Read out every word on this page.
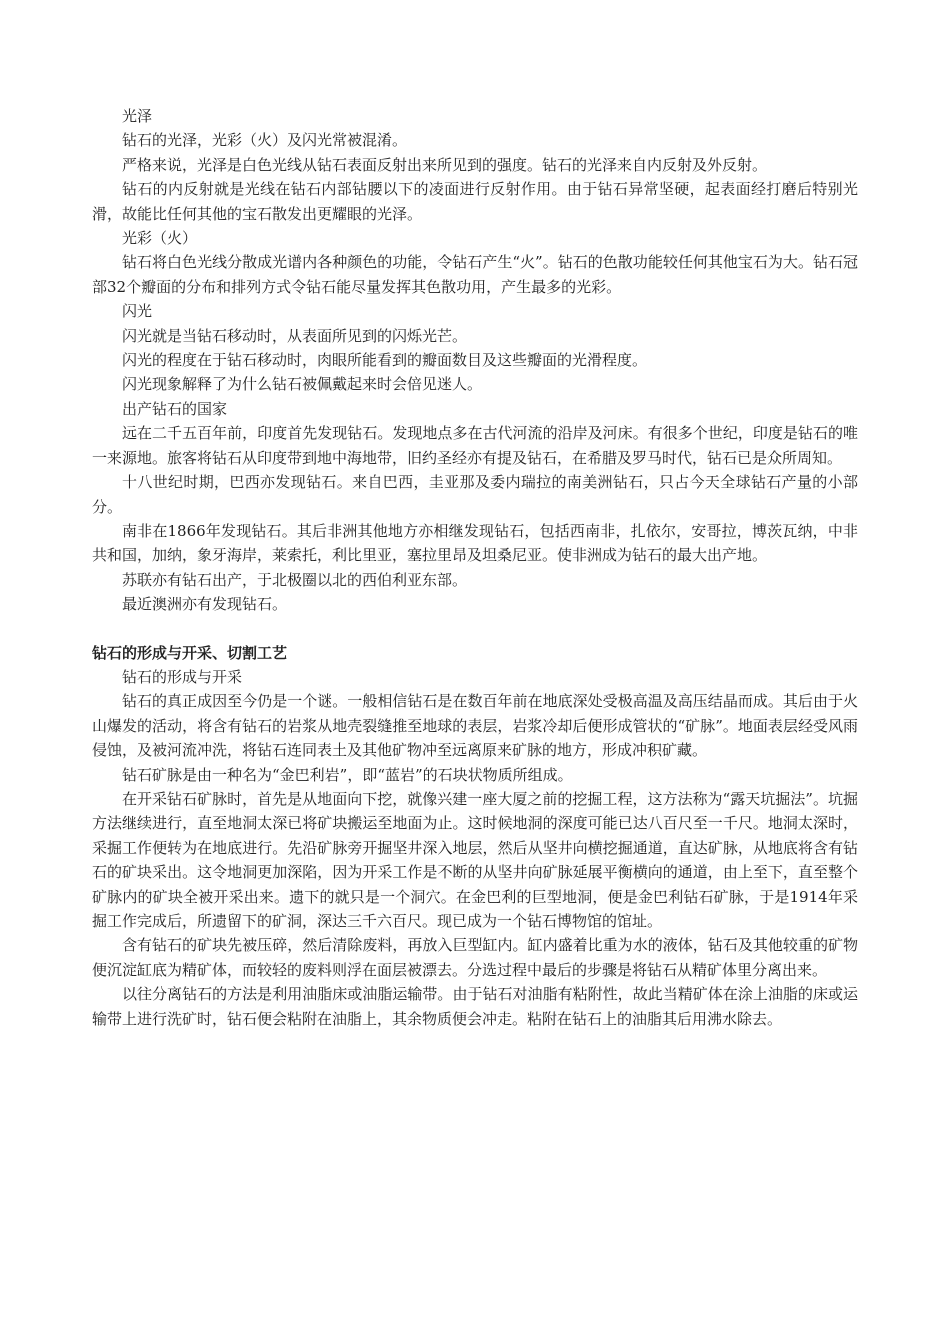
光泽

钻石的光泽，光彩（火）及闪光常被混淆。

严格来说，光泽是白色光线从钻石表面反射出来所见到的强度。钻石的光泽来自内反射及外反射。

钻石的内反射就是光线在钻石内部钻腰以下的凌面进行反射作用。由于钻石异常坚硬，起表面经打磨后特别光滑，故能比任何其他的宝石散发出更耀眼的光泽。

光彩（火）

钻石将白色光线分散成光谱内各种颜色的功能，令钻石产生“火”。钻石的色散功能较任何其他宝石为大。钻石冠部32个瓣面的分布和排列方式令钻石能尽量发挥其色散功用，产生最多的光彩。

闪光

闪光就是当钻石移动时，从表面所见到的闪烁光芒。

闪光的程度在于钻石移动时，肉眼所能看到的瓣面数目及这些瓣面的光滑程度。

闪光现象解释了为什么钻石被佩戴起来时会倍见迷人。

出产钻石的国家

远在二千五百年前，印度首先发现钻石。发现地点多在古代河流的沿岸及河床。有很多个世纪，印度是钻石的唯一来源地。旅客将钻石从印度带到地中海地带，旧约圣经亦有提及钻石，在希腊及罗马时代，钻石已是众所周知。

十八世纪时期，巴西亦发现钻石。来自巴西，圭亚那及委内瑞拉的南美洲钻石，只占今天全球钻石产量的小部分。

南非在1866年发现钻石。其后非洲其他地方亦相继发现钻石，包括西南非，扎依尔，安哥拉，博茨瓦纳，中非共和国，加纳，象牙海岸，莱索托，利比里亚，塞拉里昂及坦桑尼亚。使非洲成为钻石的最大出产地。

苏联亦有钻石出产，于北极圈以北的西伯利亚东部。

最近澳洲亦有发现钻石。

钻石的形成与开采、切割工艺

钻石的形成与开采

钻石的真正成因至今仍是一个谜。一般相信钻石是在数百年前在地底深处受极高温及高压结晶而成。其后由于火山爆发的活动，将含有钻石的岩浆从地壳裂缝推至地球的表层，岩浆冷却后便形成管状的“矿脉”。地面表层经受风雨侵蚀，及被河流冲洗，将钻石连同表土及其他矿物冲至远离原来矿脉的地方，形成冲积矿藏。

钻石矿脉是由一种名为“金巴利岩”，即“蓝岩”的石块状物质所组成。

在开采钻石矿脉时，首先是从地面向下挖，就像兴建一座大厦之前的挖掘工程，这方法称为“露天坑掘法”。坑掘方法继续进行，直至地洞太深已将矿块搬运至地面为止。这时候地洞的深度可能已达八百尺至一千尺。地洞太深时，采掘工作便转为在地底进行。先沿矿脉旁开掘坚井深入地层，然后从坚井向横挖掘通道，直达矿脉，从地底将含有钻石的矿块采出。这令地洞更加深陷，因为开采工作是不断的从坚井向矿脉延展平衡横向的通道，由上至下，直至整个矿脉内的矿块全被开采出来。遗下的就只是一个洞穴。在金巴利的巨型地洞，便是金巴利钻石矿脉，于是1914年采掘工作完成后，所遗留下的矿洞，深达三千六百尺。现已成为一个钻石博物馆的馆址。

含有钻石的矿块先被压碎，然后清除废料，再放入巨型缸内。缸内盛着比重为水的液体，钻石及其他较重的矿物便沉淀缸底为精矿体，而较轻的废料则浮在面层被漂去。分选过程中最后的步骤是将钻石从精矿体里分离出来。

以往分离钻石的方法是利用油脂床或油脂运输带。由于钻石对油脂有粘附性，故此当精矿体在涂上油脂的床或运输带上进行洗矿时，钻石便会粘附在油脂上，其余物质便会冲走。粘附在钻石上的油脂其后用沸水除去。
